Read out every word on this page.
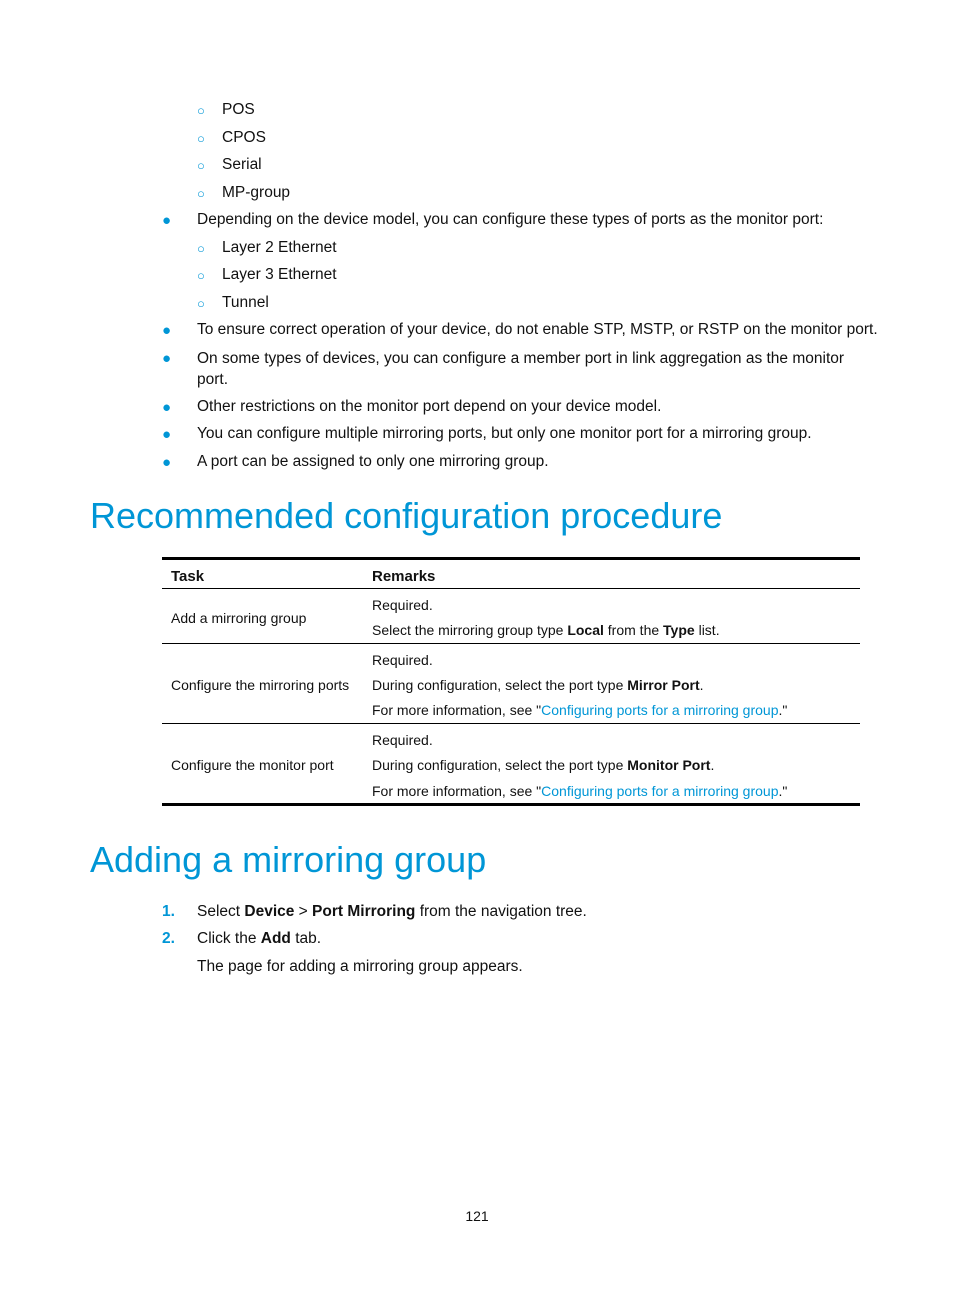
○ POS
○ CPOS
○ Serial
○ MP-group
● Depending on the device model, you can configure these types of ports as the monitor port:
○ Layer 2 Ethernet
○ Layer 3 Ethernet
○ Tunnel
● To ensure correct operation of your device, do not enable STP, MSTP, or RSTP on the monitor port.
● On some types of devices, you can configure a member port in link aggregation as the monitor port.
● Other restrictions on the monitor port depend on your device model.
● You can configure multiple mirroring ports, but only one monitor port for a mirroring group.
● A port can be assigned to only one mirroring group.
Recommended configuration procedure
Task	Remarks
Add a mirroring group
Required.
Select the mirroring group type Local from the Type list.
Configure the mirroring ports
Required.
During configuration, select the port type Mirror Port.
For more information, see "Configuring ports for a mirroring group."
Configure the monitor port
Required.
During configuration, select the port type Monitor Port.
For more information, see "Configuring ports for a mirroring group."
Adding a mirroring group
1. Select Device > Port Mirroring from the navigation tree.
2. Click the Add tab.
The page for adding a mirroring group appears.
121
